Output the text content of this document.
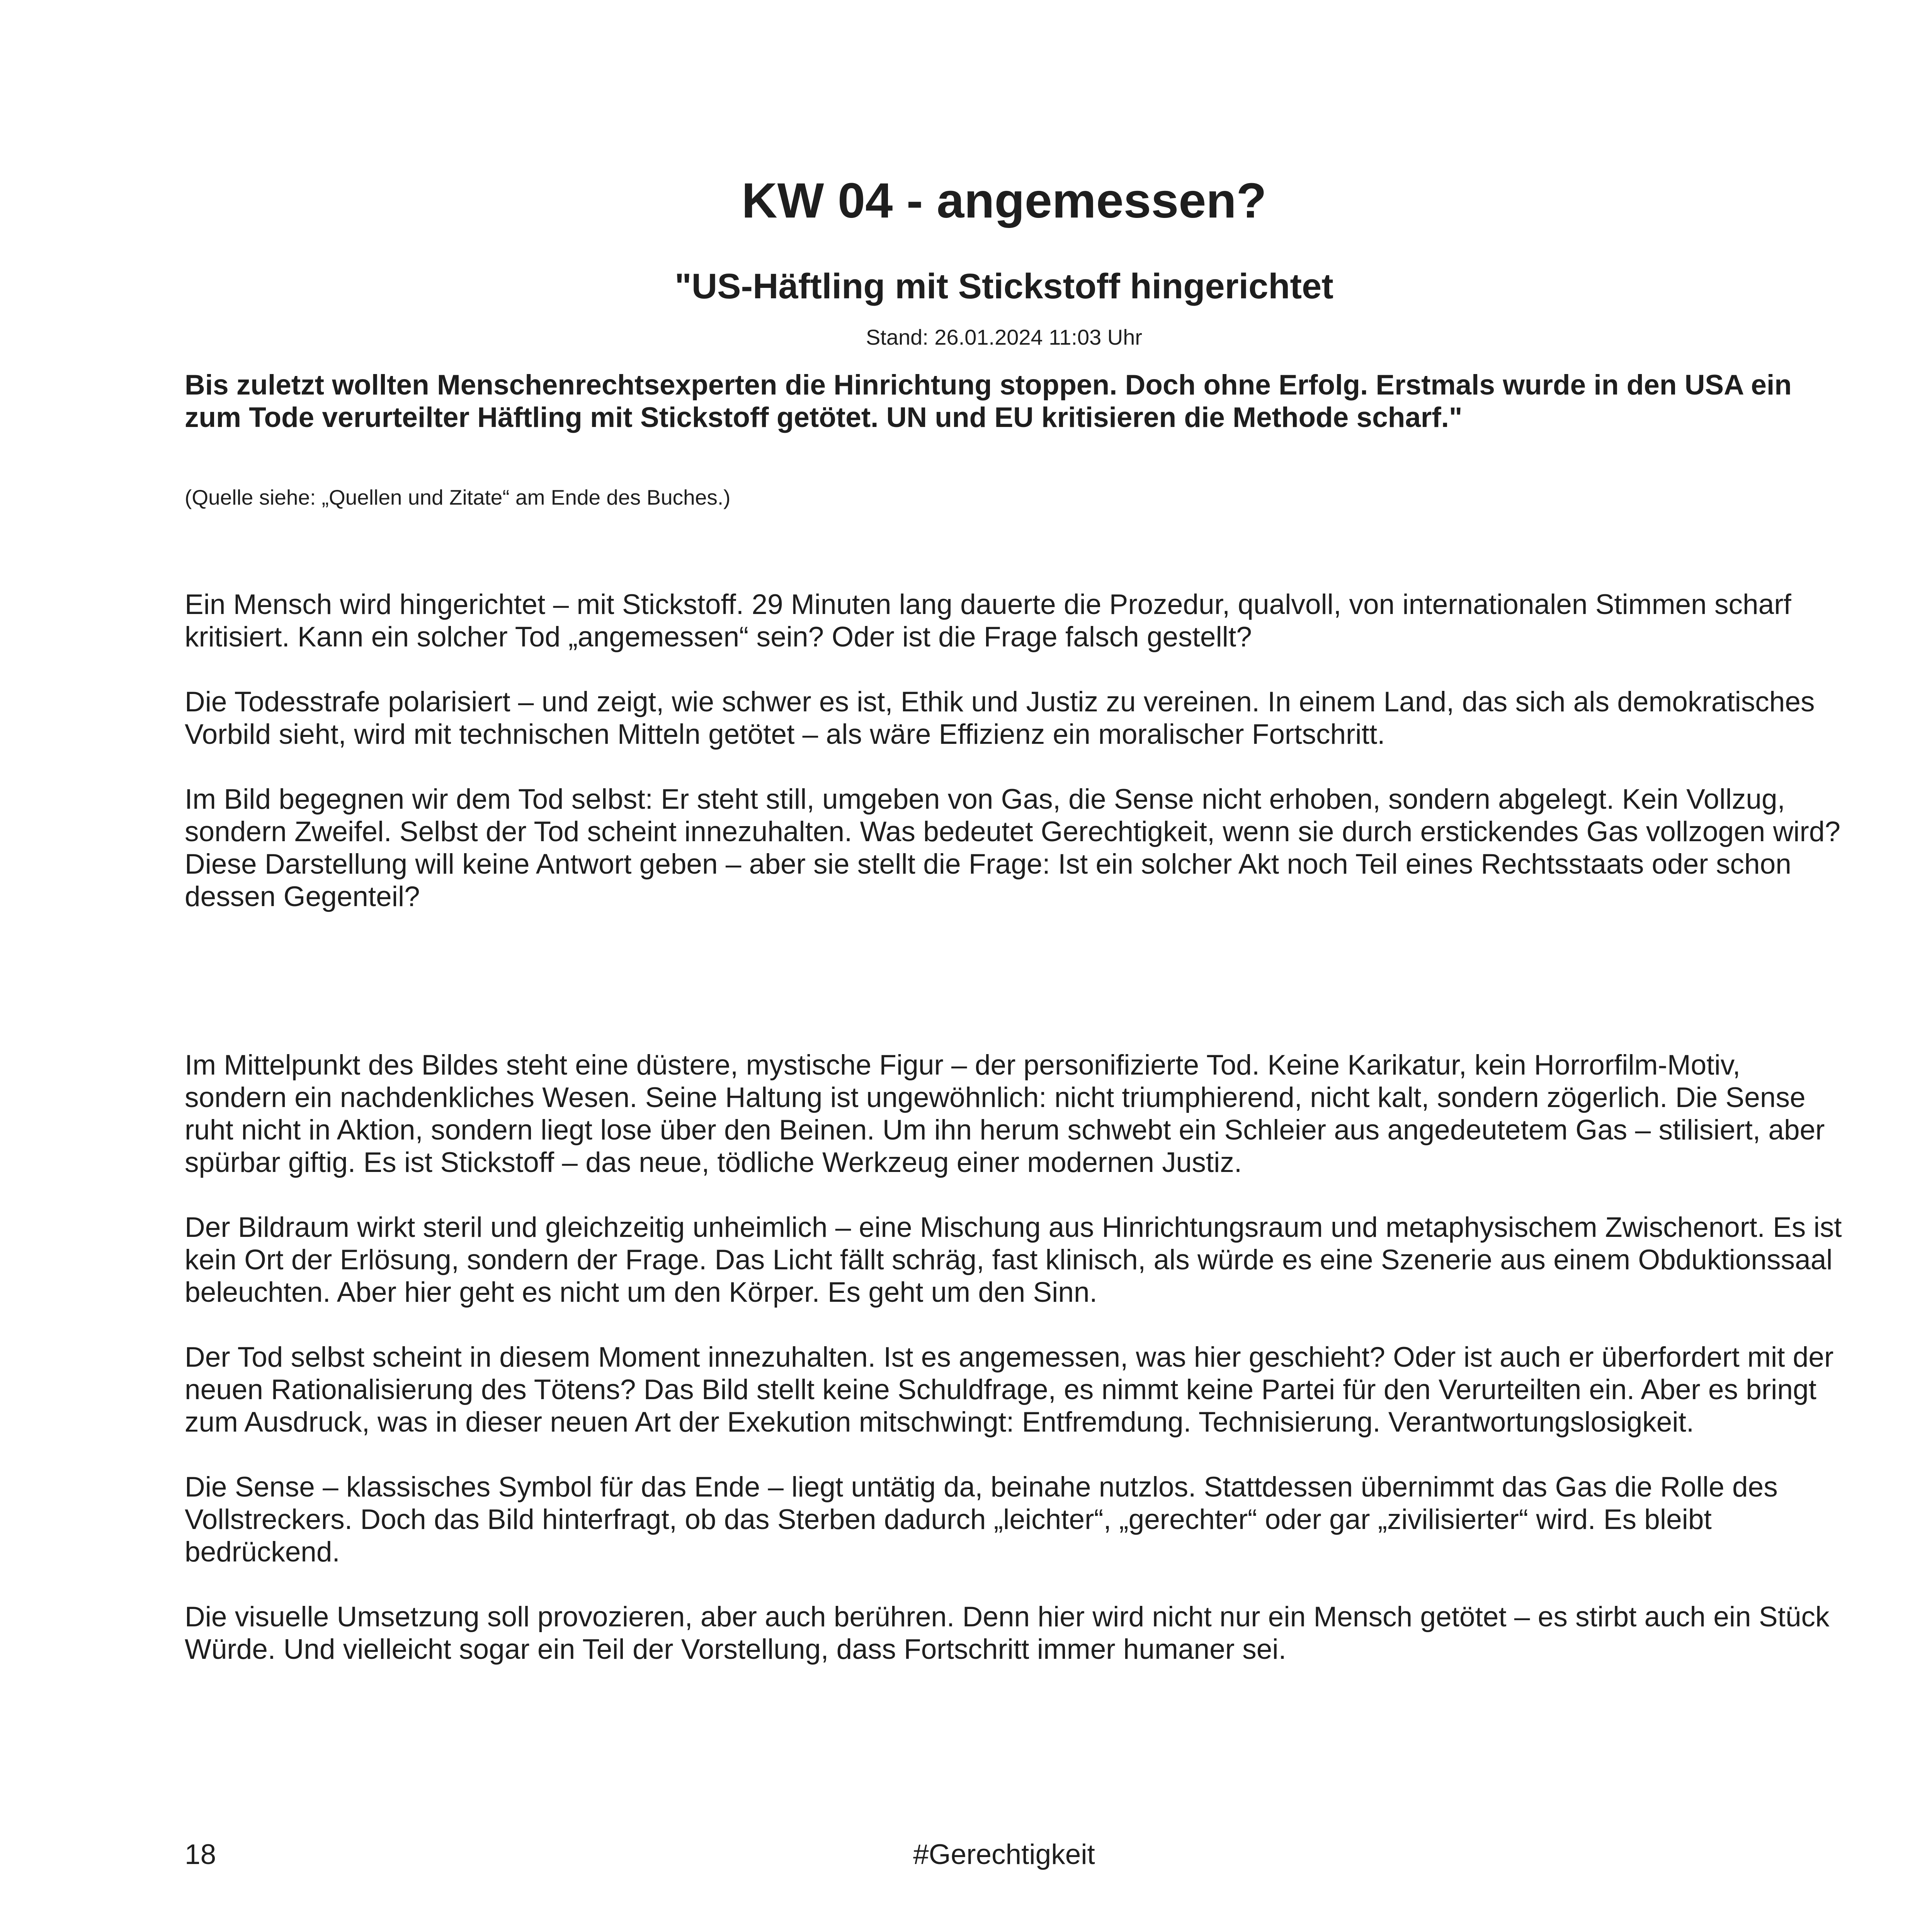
KW 04 - angemessen?
"US-Häftling mit Stickstoff hingerichtet
Stand: 26.01.2024 11:03 Uhr

Bis zuletzt wollten Menschenrechtsexperten die Hinrichtung stoppen. Doch ohne Erfolg. Erstmals wurde in den USA ein zum Tode verurteilter Häftling mit Stickstoff getötet. UN und EU kritisieren die Methode scharf."

(Quelle siehe: „Quellen und Zitate“ am Ende des Buches.)

Ein Mensch wird hingerichtet – mit Stickstoff. 29 Minuten lang dauerte die Prozedur, qualvoll, von internationalen Stimmen scharf kritisiert. Kann ein solcher Tod „angemessen“ sein? Oder ist die Frage falsch gestellt?

Die Todesstrafe polarisiert – und zeigt, wie schwer es ist, Ethik und Justiz zu vereinen. In einem Land, das sich als demokratisches Vorbild sieht, wird mit technischen Mitteln getötet – als wäre Effizienz ein moralischer Fortschritt.

Im Bild begegnen wir dem Tod selbst: Er steht still, umgeben von Gas, die Sense nicht erhoben, sondern abgelegt. Kein Vollzug, sondern Zweifel. Selbst der Tod scheint innezuhalten. Was bedeutet Gerechtigkeit, wenn sie durch erstickendes Gas vollzogen wird? Diese Darstellung will keine Antwort geben – aber sie stellt die Frage: Ist ein solcher Akt noch Teil eines Rechtsstaats oder schon dessen Gegenteil?

Im Mittelpunkt des Bildes steht eine düstere, mystische Figur – der personifizierte Tod. Keine Karikatur, kein Horrorfilm-Motiv, sondern ein nachdenkliches Wesen. Seine Haltung ist ungewöhnlich: nicht triumphierend, nicht kalt, sondern zögerlich. Die Sense ruht nicht in Aktion, sondern liegt lose über den Beinen. Um ihn herum schwebt ein Schleier aus angedeutetem Gas – stilisiert, aber spürbar giftig. Es ist Stickstoff – das neue, tödliche Werkzeug einer modernen Justiz.

Der Bildraum wirkt steril und gleichzeitig unheimlich – eine Mischung aus Hinrichtungsraum und metaphysischem Zwischenort. Es ist kein Ort der Erlösung, sondern der Frage. Das Licht fällt schräg, fast klinisch, als würde es eine Szenerie aus einem Obduktionssaal beleuchten. Aber hier geht es nicht um den Körper. Es geht um den Sinn.

Der Tod selbst scheint in diesem Moment innezuhalten. Ist es angemessen, was hier geschieht? Oder ist auch er überfordert mit der neuen Rationalisierung des Tötens? Das Bild stellt keine Schuldfrage, es nimmt keine Partei für den Verurteilten ein. Aber es bringt zum Ausdruck, was in dieser neuen Art der Exekution mitschwingt: Entfremdung. Technisierung. Verantwortungslosigkeit.

Die Sense – klassisches Symbol für das Ende – liegt untätig da, beinahe nutzlos. Stattdessen übernimmt das Gas die Rolle des Vollstreckers. Doch das Bild hinterfragt, ob das Sterben dadurch „leichter“, „gerechter“ oder gar „zivilisierter“ wird. Es bleibt bedrückend.

Die visuelle Umsetzung soll provozieren, aber auch berühren. Denn hier wird nicht nur ein Mensch getötet – es stirbt auch ein Stück Würde. Und vielleicht sogar ein Teil der Vorstellung, dass Fortschritt immer humaner sei.

18	#Gerechtigkeit
